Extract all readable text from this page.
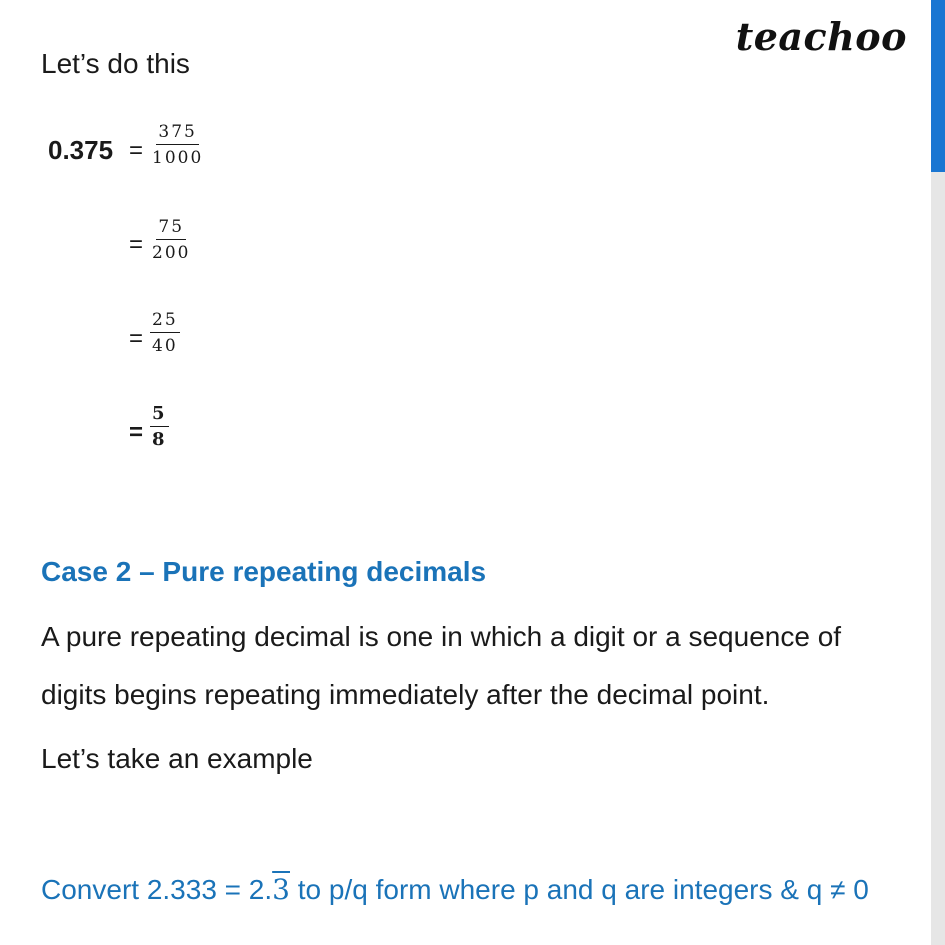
teachoo
Let’s do this
$0.375 = \frac{375}{1000}$
= $\frac{75}{200}$
= $\frac{25}{40}$
= $\frac{5}{8}$
Case 2 – Pure repeating decimals
A pure repeating decimal is one in which a digit or a sequence of
digits begins repeating immediately after the decimal point.
Let’s take an example
Convert 2.333 = 2.3 to p/q form where p and q are integers & q ≠ 0
